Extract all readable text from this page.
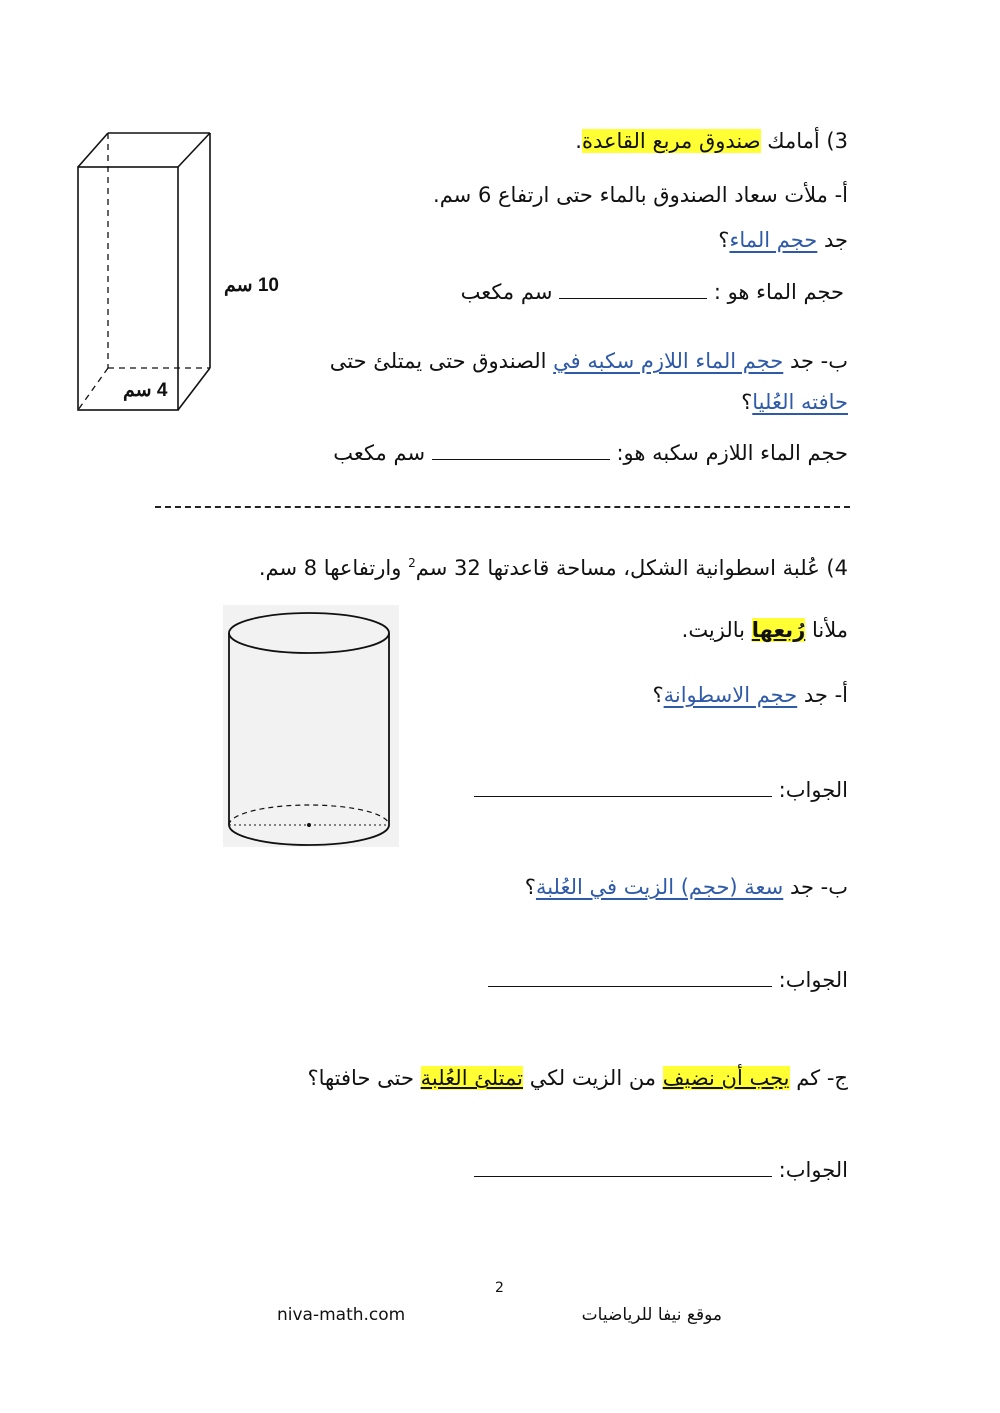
10 سم
4 سم
3) أمامك صندوق مربع القاعدة.
أ- ملأت سعاد الصندوق بالماء حتى ارتفاع 6 سم.
جد حجم الماء؟
حجم الماء هو :  سم مكعب
ب- جد حجم الماء اللازم سكبه في الصندوق حتى يمتلئ حتى
حافته العُليا؟
حجم الماء اللازم سكبه هو:  سم مكعب
4) عُلبة اسطوانية الشكل، مساحة قاعدتها 32 سم$^2$ وارتفاعها 8 سم.
ملأنا رُبعها بالزيت.
أ- جد حجم الاسطوانة؟
الجواب:
ب- جد سعة (حجم) الزيت في العُلبة؟
الجواب:
ج- كم يجب أن نضيف من الزيت لكي تمتلئ العُلبة حتى حافتها؟
الجواب:
2
niva-math.com	موقع نيفا للرياضيات
